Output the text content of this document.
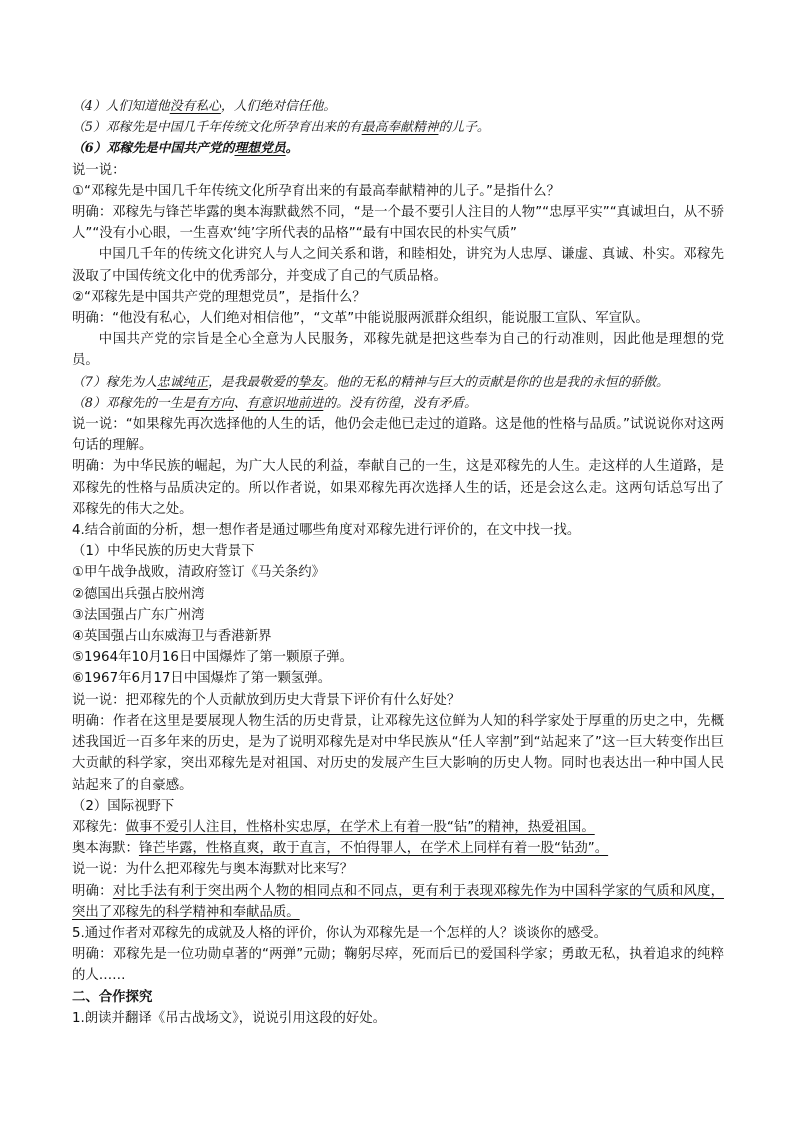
（4）人们知道他没有私心，人们绝对信任他。
（5）邓稼先是中国几千年传统文化所孕育出来的有最高奉献精神的儿子。
（6）邓稼先是中国共产党的理想党员。
说一说：
①“邓稼先是中国几千年传统文化所孕育出来的有最高奉献精神的儿子。”是指什么？
明确：邓稼先与锋芒毕露的奥本海默截然不同，“是一个最不要引人注目的人物”“忠厚平实”“真诚坦白，从不骄人”“没有小心眼，一生喜欢‘纯’字所代表的品格”“最有中国农民的朴实气质”
中国几千年的传统文化讲究人与人之间关系和谐，和睦相处，讲究为人忠厚、谦虚、真诚、朴实。邓稼先汲取了中国传统文化中的优秀部分，并变成了自己的气质品格。
②“邓稼先是中国共产党的理想党员”，是指什么？
明确：“他没有私心，人们绝对相信他”，“文革”中能说服两派群众组织，能说服工宣队、军宣队。
中国共产党的宗旨是全心全意为人民服务，邓稼先就是把这些奉为自己的行动准则，因此他是理想的党员。
（7）稼先为人忠诚纯正，是我最敬爱的挚友。他的无私的精神与巨大的贡献是你的也是我的永恒的骄傲。
（8）邓稼先的一生是有方向、有意识地前进的。没有彷徨，没有矛盾。
说一说：“如果稼先再次选择他的人生的话，他仍会走他已走过的道路。这是他的性格与品质。”试说说你对这两句话的理解。
明确：为中华民族的崛起，为广大人民的利益，奉献自己的一生，这是邓稼先的人生。走这样的人生道路，是邓稼先的性格与品质决定的。所以作者说，如果邓稼先再次选择人生的话，还是会这么走。这两句话总写出了邓稼先的伟大之处。
4.结合前面的分析，想一想作者是通过哪些角度对邓稼先进行评价的，在文中找一找。
（1）中华民族的历史大背景下
①甲午战争战败，清政府签订《马关条约》
②德国出兵强占胶州湾
③法国强占广东广州湾
④英国强占山东威海卫与香港新界
⑤1964年10月16日中国爆炸了第一颗原子弹。
⑥1967年6月17日中国爆炸了第一颗氢弹。
说一说：把邓稼先的个人贡献放到历史大背景下评价有什么好处？
明确：作者在这里是要展现人物生活的历史背景，让邓稼先这位鲜为人知的科学家处于厚重的历史之中，先概述我国近一百多年来的历史，是为了说明邓稼先是对中华民族从“任人宰割”到“站起来了”这一巨大转变作出巨大贡献的科学家，突出邓稼先是对祖国、对历史的发展产生巨大影响的历史人物。同时也表达出一种中国人民站起来了的自豪感。
（2）国际视野下
邓稼先：做事不爱引人注目，性格朴实忠厚，在学术上有着一股“钻”的精神，热爱祖国。
奥本海默：锋芒毕露，性格直爽，敢于直言，不怕得罪人，在学术上同样有着一股“钻劲”。
说一说：为什么把邓稼先与奥本海默对比来写？
明确：对比手法有利于突出两个人物的相同点和不同点，更有利于表现邓稼先作为中国科学家的气质和风度，突出了邓稼先的科学精神和奉献品质。
5.通过作者对邓稼先的成就及人格的评价，你认为邓稼先是一个怎样的人？谈谈你的感受。
明确：邓稼先是一位功勋卓著的“两弹”元勋；鞠躬尽瘁，死而后已的爱国科学家；勇敢无私，执着追求的纯粹的人……
二、合作探究
1.朗读并翻译《吊古战场文》，说说引用这段的好处。
